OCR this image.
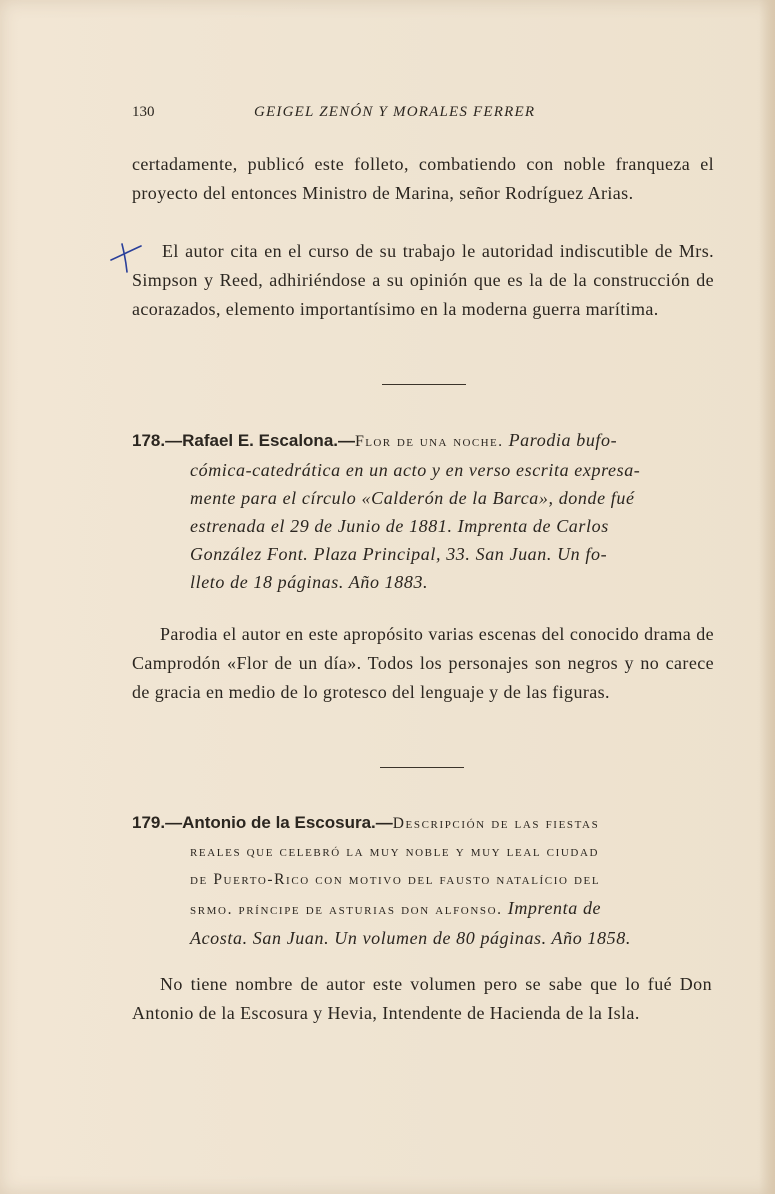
130	GEIGEL ZENÓN Y MORALES FERRER

certadamente, publicó este folleto, combatiendo con noble franqueza el proyecto del entonces Ministro de Marina, señor Rodríguez Arias.

El autor cita en el curso de su trabajo le autoridad indiscutible de Mrs. Simpson y Reed, adhiriéndose a su opinión que es la de la construcción de acorazados, elemento importantísimo en la moderna guerra marítima.

178.—Rafael E. Escalona.—Flor de una noche. Parodia bufo-

cómica-catedrática en un acto y en verso escrita expresa-

mente para el círculo «Calderón de la Barca», donde fué

estrenada el 29 de Junio de 1881. Imprenta de Carlos

González Font. Plaza Principal, 33. San Juan. Un fo-

lleto de 18 páginas. Año 1883.

Parodia el autor en este apropósito varias escenas del conocido drama de Camprodón «Flor de un día». Todos los personajes son negros y no carece de gracia en medio de lo grotesco del lenguaje y de las figuras.

179.—Antonio de la Escosura.—Descripción de las fiestas

reales que celebró la muy noble y muy leal ciudad

de Puerto-Rico con motivo del fausto natalício del

srmo. príncipe de asturias don alfonso. Imprenta de

Acosta. San Juan. Un volumen de 80 páginas. Año 1858.

No tiene nombre de autor este volumen pero se sabe que lo fué Don Antonio de la Escosura y Hevia, Intendente de Hacienda de la Isla.
